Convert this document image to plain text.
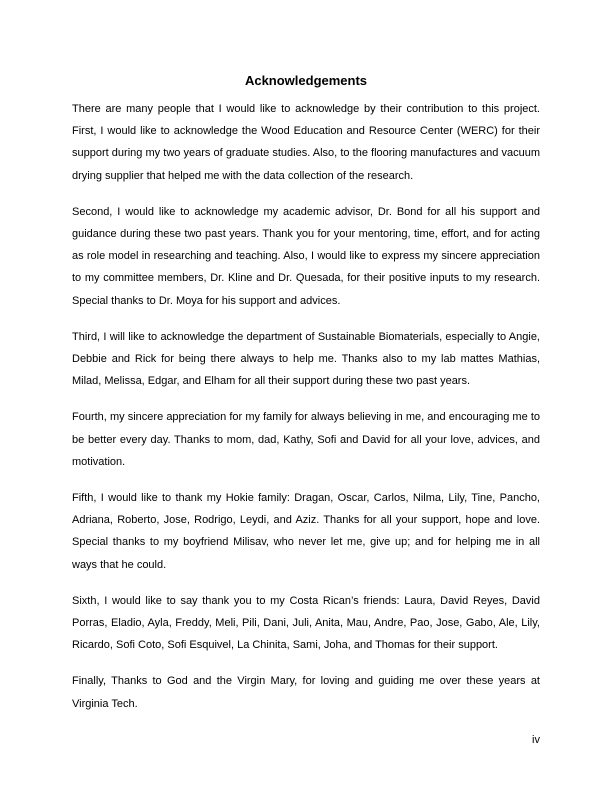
Acknowledgements

There are many people that I would like to acknowledge by their contribution to this project. First, I would like to acknowledge the Wood Education and Resource Center (WERC) for their support during my two years of graduate studies. Also, to the flooring manufactures and vacuum drying supplier that helped me with the data collection of the research.

Second, I would like to acknowledge my academic advisor, Dr. Bond for all his support and guidance during these two past years. Thank you for your mentoring, time, effort, and for acting as role model in researching and teaching. Also, I would like to express my sincere appreciation to my committee members, Dr. Kline and Dr. Quesada, for their positive inputs to my research. Special thanks to Dr. Moya for his support and advices.

Third, I will like to acknowledge the department of Sustainable Biomaterials, especially to Angie, Debbie and Rick for being there always to help me. Thanks also to my lab mattes Mathias, Milad, Melissa, Edgar, and Elham for all their support during these two past years.

Fourth, my sincere appreciation for my family for always believing in me, and encouraging me to be better every day. Thanks to mom, dad, Kathy, Sofi and David for all your love, advices, and motivation.

Fifth, I would like to thank my Hokie family: Dragan, Oscar, Carlos, Nilma, Lily, Tine, Pancho, Adriana, Roberto, Jose, Rodrigo, Leydi, and Aziz. Thanks for all your support, hope and love. Special thanks to my boyfriend Milisav, who never let me, give up; and for helping me in all ways that he could.

Sixth, I would like to say thank you to my Costa Rican’s friends: Laura, David Reyes, David Porras, Eladio, Ayla, Freddy, Meli, Pili, Dani, Juli, Anita, Mau, Andre, Pao, Jose, Gabo, Ale, Lily, Ricardo, Sofi Coto, Sofi Esquivel, La Chinita, Sami, Joha, and Thomas for their support.

Finally, Thanks to God and the Virgin Mary, for loving and guiding me over these years at Virginia Tech.

iv
